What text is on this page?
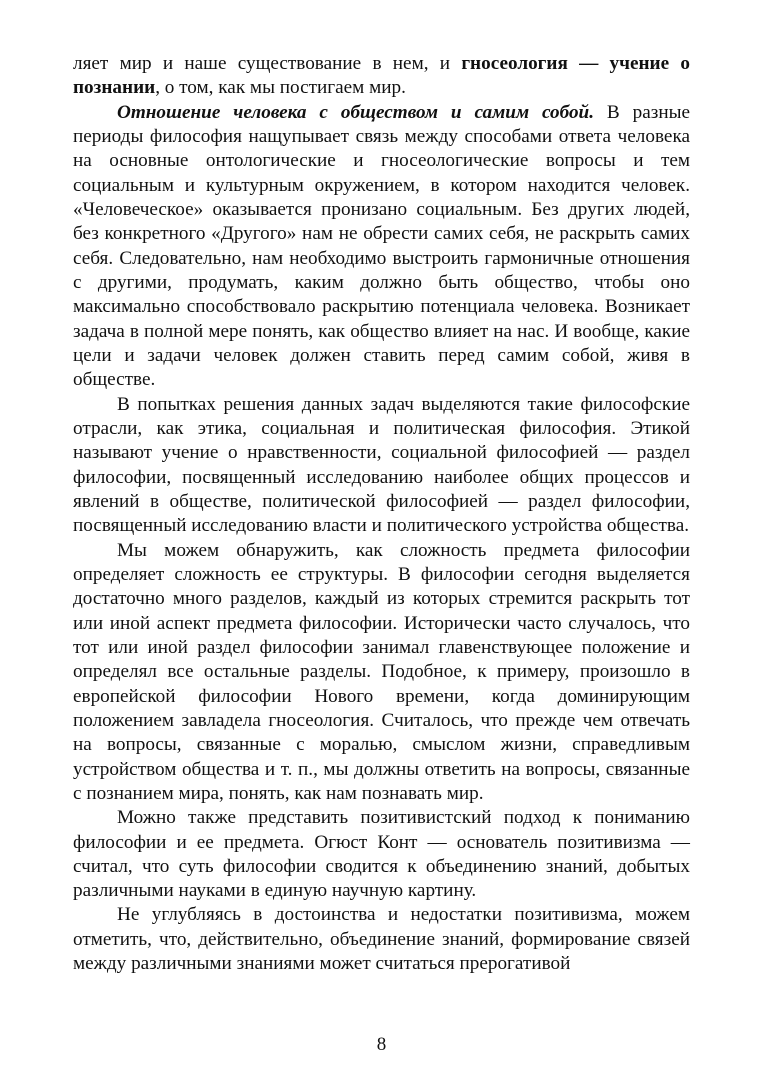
ляет мир и наше существование в нем, и гносеология — учение о познании, о том, как мы постигаем мир.

Отношение человека с обществом и самим собой. В разные периоды философия нащупывает связь между способами ответа человека на основные онтологические и гносеологические вопросы и тем социальным и культурным окружением, в котором находится человек. «Человеческое» оказывается пронизано социальным. Без других людей, без конкретного «Другого» нам не обрести самих себя, не раскрыть самих себя. Следовательно, нам необходимо выстроить гармоничные отношения с другими, продумать, каким должно быть общество, чтобы оно максимально способствовало раскрытию потенциала человека. Возникает задача в полной мере понять, как общество влияет на нас. И вообще, какие цели и задачи человек должен ставить перед самим собой, живя в обществе.

В попытках решения данных задач выделяются такие философские отрасли, как этика, социальная и политическая философия. Этикой называют учение о нравственности, социальной философией — раздел философии, посвященный исследованию наиболее общих процессов и явлений в обществе, политической философией — раздел философии, посвященный исследованию власти и политического устройства общества.

Мы можем обнаружить, как сложность предмета философии определяет сложность ее структуры. В философии сегодня выделяется достаточно много разделов, каждый из которых стремится раскрыть тот или иной аспект предмета философии. Исторически часто случалось, что тот или иной раздел философии занимал главенствующее положение и определял все остальные разделы. Подобное, к примеру, произошло в европейской философии Нового времени, когда доминирующим положением завладела гносеология. Считалось, что прежде чем отвечать на вопросы, связанные с моралью, смыслом жизни, справедливым устройством общества и т. п., мы должны ответить на вопросы, связанные с познанием мира, понять, как нам познавать мир.

Можно также представить позитивистский подход к пониманию философии и ее предмета. Огюст Конт — основатель позитивизма — считал, что суть философии сводится к объединению знаний, добытых различными науками в единую научную картину.

Не углубляясь в достоинства и недостатки позитивизма, можем отметить, что, действительно, объединение знаний, формирование связей между различными знаниями может считаться прерогативой

8
